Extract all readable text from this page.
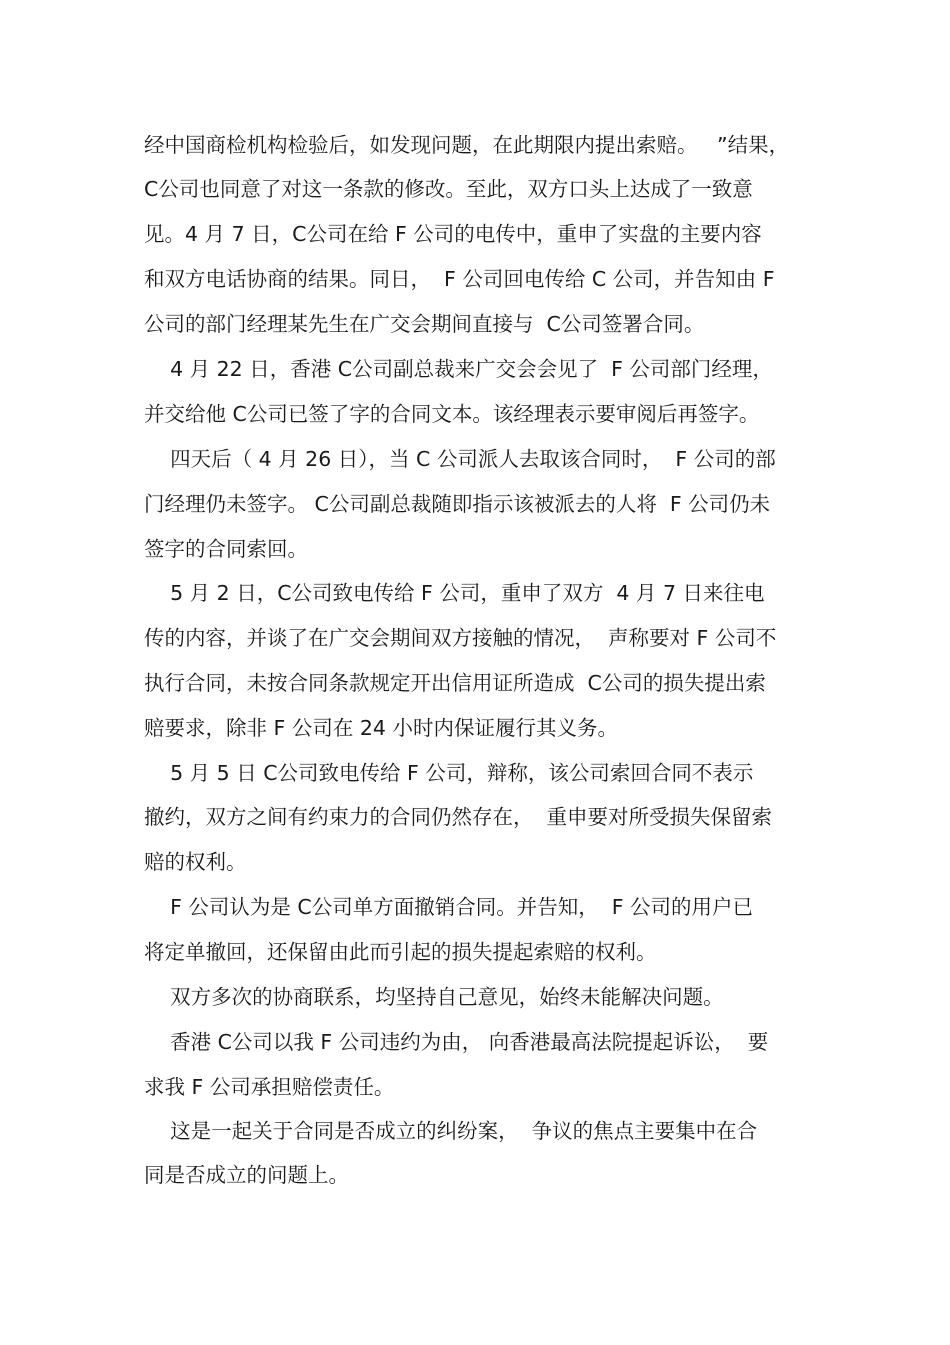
经中国商检机构检验后，如发现问题，在此期限内提出索赔。   ”结果，

C公司也同意了对这一条款的修改。至此，双方口头上达成了一致意

见。4 月 7 日，C公司在给 F 公司的电传中，重申了实盘的主要内容

和双方电话协商的结果。同日，  F 公司回电传给 C 公司，并告知由 F

公司的部门经理某先生在广交会期间直接与  C公司签署合同。

4 月 22 日，香港 C公司副总裁来广交会会见了  F 公司部门经理，

并交给他 C公司已签了字的合同文本。该经理表示要审阅后再签字。

四天后（ 4 月 26 日），当 C 公司派人去取该合同时，  F 公司的部

门经理仍未签字。 C公司副总裁随即指示该被派去的人将  F 公司仍未

签字的合同索回。

5 月 2 日，C公司致电传给 F 公司，重申了双方  4 月 7 日来往电

传的内容，并谈了在广交会期间双方接触的情况，  声称要对 F 公司不

执行合同，未按合同条款规定开出信用证所造成  C公司的损失提出索

赔要求，除非 F 公司在 24 小时内保证履行其义务。

5 月 5 日 C公司致电传给 F 公司，辩称，该公司索回合同不表示

撤约，双方之间有约束力的合同仍然存在，  重申要对所受损失保留索

赔的权利。

F 公司认为是 C公司单方面撤销合同。并告知，  F 公司的用户已

将定单撤回，还保留由此而引起的损失提起索赔的权利。

双方多次的协商联系，均坚持自己意见，始终未能解决问题。

香港 C公司以我 F 公司违约为由， 向香港最高法院提起诉讼，  要

求我 F 公司承担赔偿责任。

这是一起关于合同是否成立的纠纷案，  争议的焦点主要集中在合

同是否成立的问题上。
